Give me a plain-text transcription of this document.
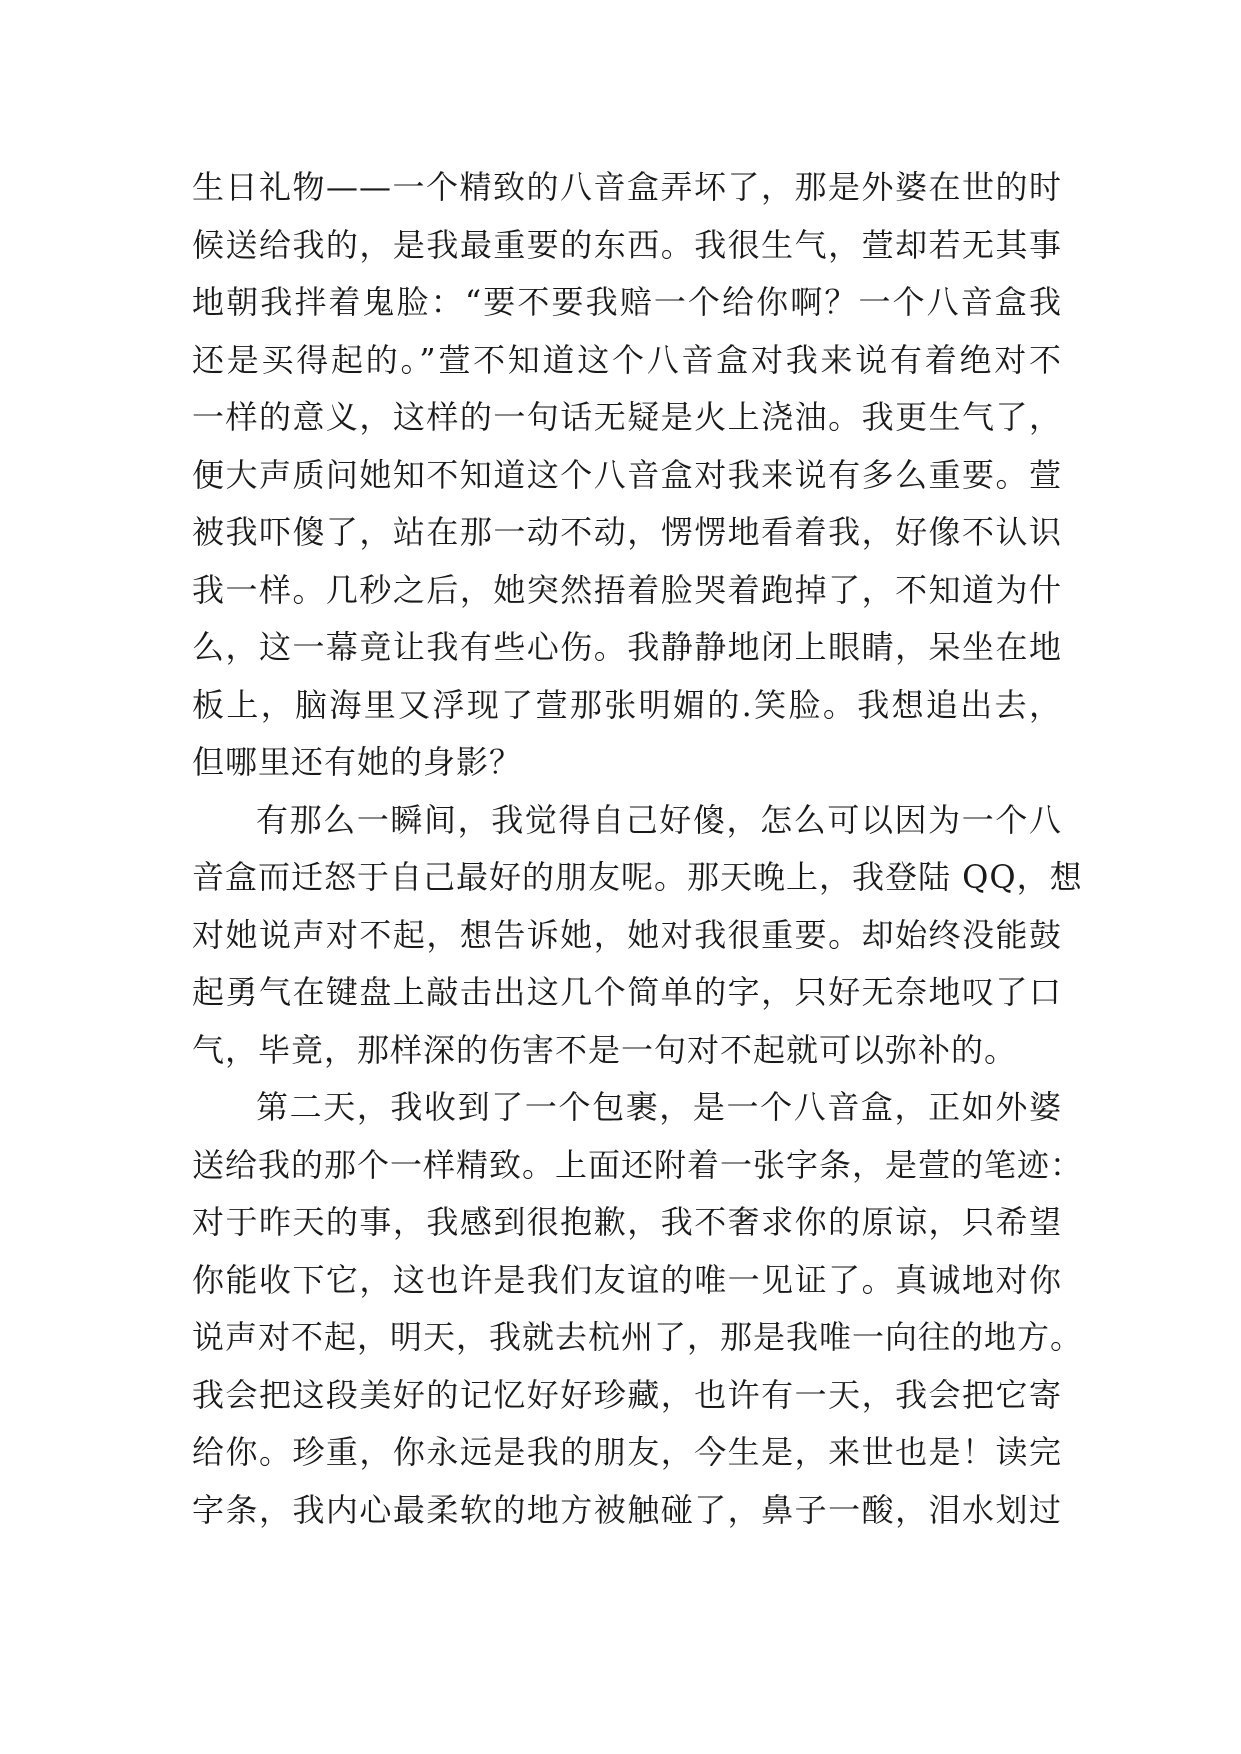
生日礼物——一个精致的八音盒弄坏了，那是外婆在世的时
候送给我的，是我最重要的东西。我很生气，萱却若无其事
地朝我拌着鬼脸：“要不要我赔一个给你啊？一个八音盒我
还是买得起的。”萱不知道这个八音盒对我来说有着绝对不
一样的意义，这样的一句话无疑是火上浇油。我更生气了，
便大声质问她知不知道这个八音盒对我来说有多么重要。萱
被我吓傻了，站在那一动不动，愣愣地看着我，好像不认识
我一样。几秒之后，她突然捂着脸哭着跑掉了，不知道为什
么，这一幕竟让我有些心伤。我静静地闭上眼睛，呆坐在地
板上，脑海里又浮现了萱那张明媚的.笑脸。我想追出去，
但哪里还有她的身影？
有那么一瞬间，我觉得自己好傻，怎么可以因为一个八
音盒而迁怒于自己最好的朋友呢。那天晚上，我登陆 QQ，想
对她说声对不起，想告诉她，她对我很重要。却始终没能鼓
起勇气在键盘上敲击出这几个简单的字，只好无奈地叹了口
气，毕竟，那样深的伤害不是一句对不起就可以弥补的。
第二天，我收到了一个包裹，是一个八音盒，正如外婆
送给我的那个一样精致。上面还附着一张字条，是萱的笔迹：
对于昨天的事，我感到很抱歉，我不奢求你的原谅，只希望
你能收下它，这也许是我们友谊的唯一见证了。真诚地对你
说声对不起，明天，我就去杭州了，那是我唯一向往的地方。
我会把这段美好的记忆好好珍藏，也许有一天，我会把它寄
给你。珍重，你永远是我的朋友，今生是，来世也是！读完
字条，我内心最柔软的地方被触碰了，鼻子一酸，泪水划过
